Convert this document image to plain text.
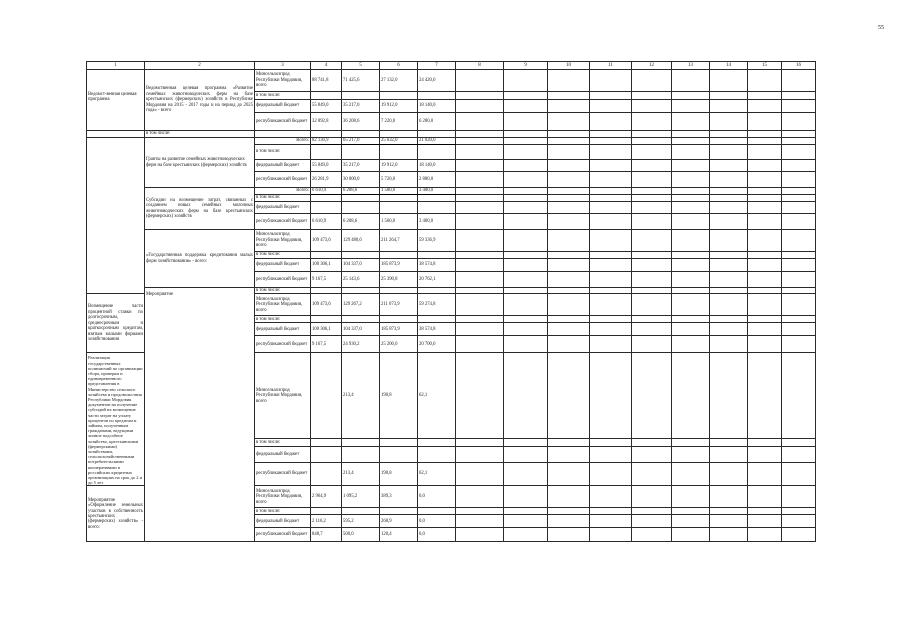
55
1	2	3	4	5	6	7	8	9	10	11	12	13	14	15	16	
Ведомст-венная целевая программа	Ведомственная целевая программа «Развитие семейных животноводческих ферм на базе крестьянских (фермерских) хозяйств в Республике Мордовия на 2015 - 2017 годы и на период до 2025 года» - всего	Минсельхозпрод Республики Мордовия, всего	88 741,8	71 425,6	27 132,0	24 420,0										
		в том числе:														
		федеральный бюджет	55 849,0	35 217,0	19 912,0	18 140,0										
		республиканский бюджет	32 892,8	36 208,6	7 220,0	6 280,0										
	в том числе:															
	Гранты на развитие семейных животноводческих ферм на базе крестьянских (фермерских) хозяйств	Всего:	82 130,9	65 217,0	25 632,0	21 020,0										
		в том числе:														
		федеральный бюджет	55 849,0	35 217,0	19 912,0	18 140,0										
		республиканский бюджет	26 281,9	30 000,0	5 720,0	2 880,0										
	Субсидии на возмещение затрат, связанных с созданием новых семейных молочных животноводческих ферм на базе крестьянских (фермерских) хозяйств	Всего:	6 610,9	6 208,6	1 500,0	3 400,0										
		в том числе:														
		федеральный бюджет														
		республиканский бюджет	6 610,9	6 208,6	1 500,0	3 400,0										
	«Государственная поддержка кредитования малых форм хозяйствования» - всего:	Минсельхозпрод Республики Мордовия, всего	109 473,6	129 480,6	211 264,7	59 336,9										
		в том числе:														
		федеральный бюджет	100 306,1	104 337,0	185 873,9	38 574,8										
		республиканский бюджет	9 167,5	25 143,6	25 390,8	20 762,1										
	Мероприятие	в том числе:														
Возмещение части процентной ставки по долгосрочным, среднесрочным и краткосрочным кредитам, взятым малыми формами хозяйствования		Минсельхозпрод Республики Мордовия, всего	109 473,6	129 267,2	211 073,9	59 274,8										
		в том числе:														
		федеральный бюджет	100 306,1	104 337,0	185 873,9	38 574,8										
		республиканский бюджет	9 167,5	24 930,2	25 200,0	20 700,0										
Реализация государственных полномочий по организации сбора, проверки и единовременного представления в Министерство сельского хозяйства и продовольствия Республики Мордовия документов на получение субсидий на возмещение части затрат на уплату процентов по кредитам и займам, полученным гражданами, ведущими личное подсобное хозяйство, крестьянскими (фермерскими) хозяйствами, сельскохозяйственными потребительскими кооперативами в российских кредитных организациях на срок до 2 и до 5 лет		Минсельхозпрод Республики Мордовия, всего		213,4	190,8	62,1										
		в том числе:														
		федеральный бюджет														
		республиканский бюджет		213,4	190,8	62,1										
Мероприятие «Оформление земельных участков в собственность крестьянских (фермерских) хозяйств» - всего:		Минсельхозпрод Республики Мордовия, всего	2 964,9	1 095,2	389,3	0,0										
		в том числе:														
		федеральный бюджет	2 116,2	595,2	268,9	0,0										
		республиканский бюджет	848,7	500,0	120,4	0,0										
